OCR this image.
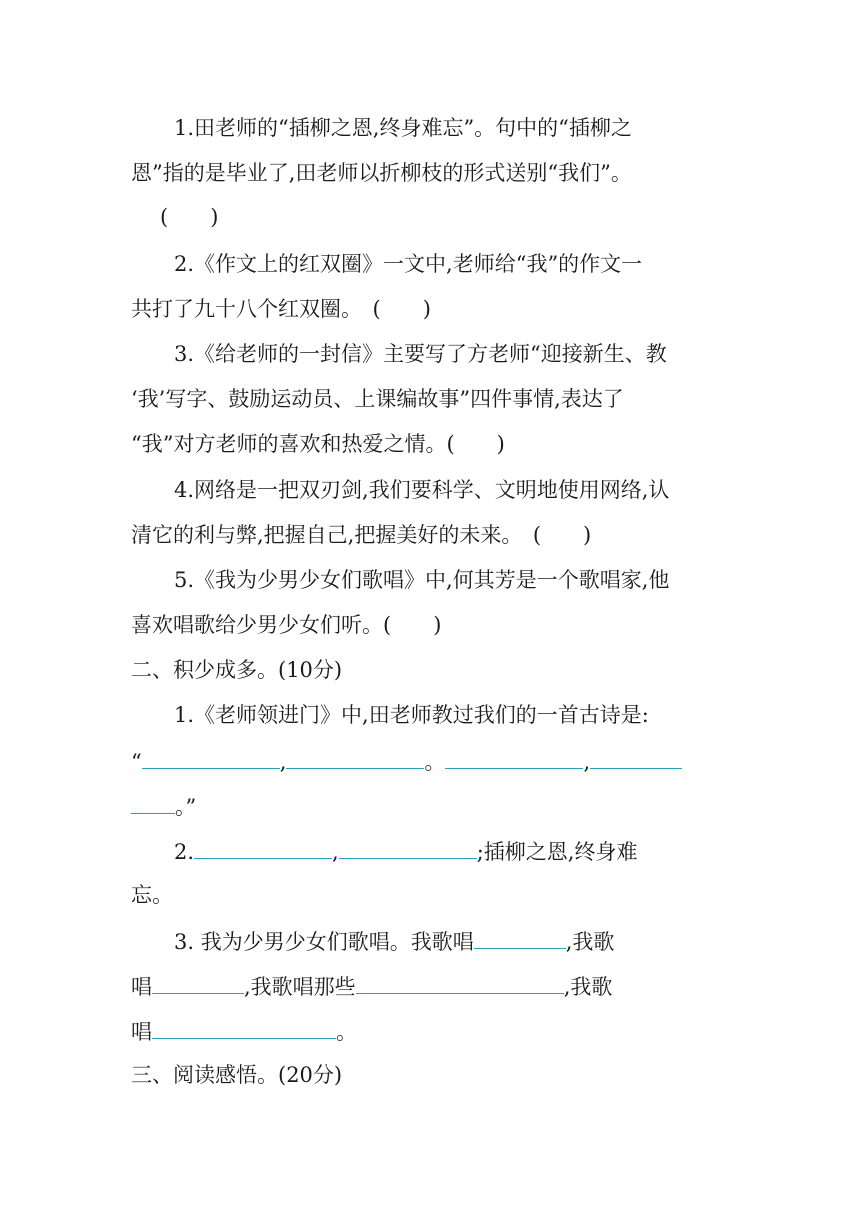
1.田老师的“插柳之恩,终身难忘”。句中的“插柳之
恩”指的是毕业了,田老师以折柳枝的形式送别“我们”。
(　　)
2.《作文上的红双圈》一文中,老师给“我”的作文一
共打了九十八个红双圈。　(　　)
3.《给老师的一封信》主要写了方老师“迎接新生、教
‘我’写字、鼓励运动员、上课编故事”四件事情,表达了
“我”对方老师的喜欢和热爱之情。(　　)
4.网络是一把双刃剑,我们要科学、文明地使用网络,认
清它的利与弊,把握自己,把握美好的未来。　(　　)
5.《我为少男少女们歌唱》中,何其芳是一个歌唱家,他
喜欢唱歌给少男少女们听。(　　)
二、积少成多。(10分)
1.《老师领进门》中,田老师教过我们的一首古诗是:
“	,	。	,
。”
2.	,	;插柳之恩,终身难
忘。
3. 我为少男少女们歌唱。我歌唱	,我歌
唱	,我歌唱那些	,我歌
唱	。
三、阅读感悟。(20分)
